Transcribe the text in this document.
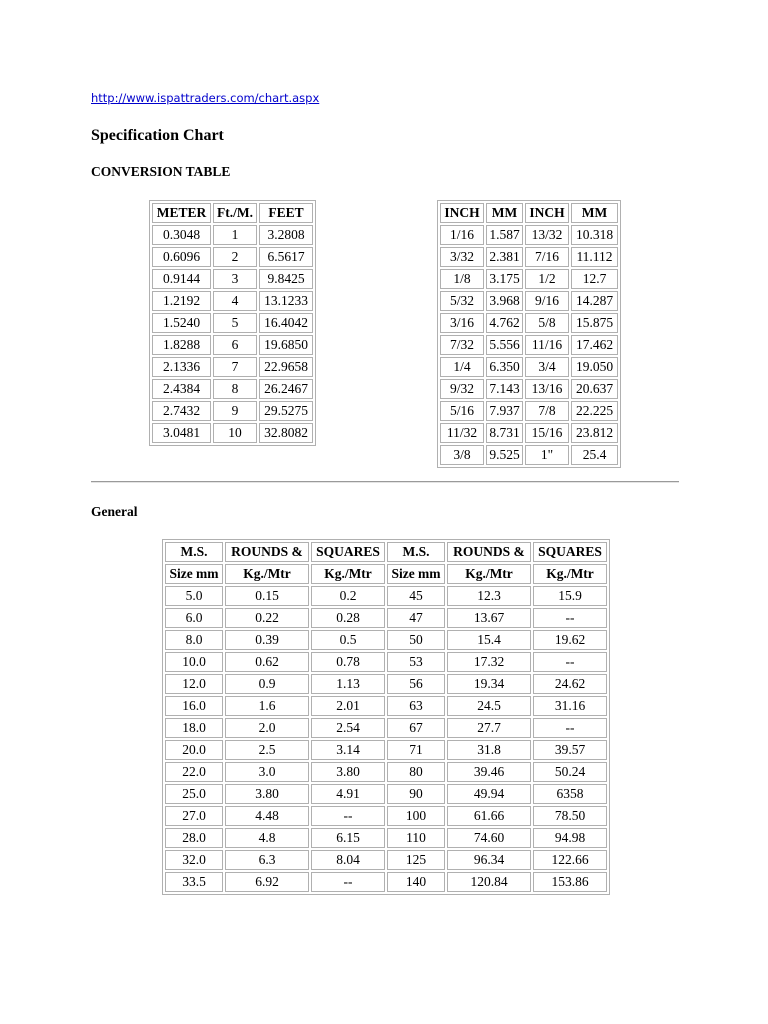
http://www.ispattraders.com/chart.aspx
Specification Chart
CONVERSION TABLE
METER	Ft./M.	FEET
0.3048	1	3.2808
0.6096	2	6.5617
0.9144	3	9.8425
1.2192	4	13.1233
1.5240	5	16.4042
1.8288	6	19.6850
2.1336	7	22.9658
2.4384	8	26.2467
2.7432	9	29.5275
3.0481	10	32.8082
INCH	MM	INCH	MM
1/16	1.587	13/32	10.318
3/32	2.381	7/16	11.112
1/8	3.175	1/2	12.7
5/32	3.968	9/16	14.287
3/16	4.762	5/8	15.875
7/32	5.556	11/16	17.462
1/4	6.350	3/4	19.050
9/32	7.143	13/16	20.637
5/16	7.937	7/8	22.225
11/32	8.731	15/16	23.812
3/8	9.525	1"	25.4
General
M.S.	ROUNDS &	SQUARES	M.S.	ROUNDS &	SQUARES
Size mm	Kg./Mtr	Kg./Mtr	Size mm	Kg./Mtr	Kg./Mtr
5.0	0.15	0.2	45	12.3	15.9
6.0	0.22	0.28	47	13.67	--
8.0	0.39	0.5	50	15.4	19.62
10.0	0.62	0.78	53	17.32	--
12.0	0.9	1.13	56	19.34	24.62
16.0	1.6	2.01	63	24.5	31.16
18.0	2.0	2.54	67	27.7	--
20.0	2.5	3.14	71	31.8	39.57
22.0	3.0	3.80	80	39.46	50.24
25.0	3.80	4.91	90	49.94	6358
27.0	4.48	--	100	61.66	78.50
28.0	4.8	6.15	110	74.60	94.98
32.0	6.3	8.04	125	96.34	122.66
33.5	6.92	--	140	120.84	153.86
